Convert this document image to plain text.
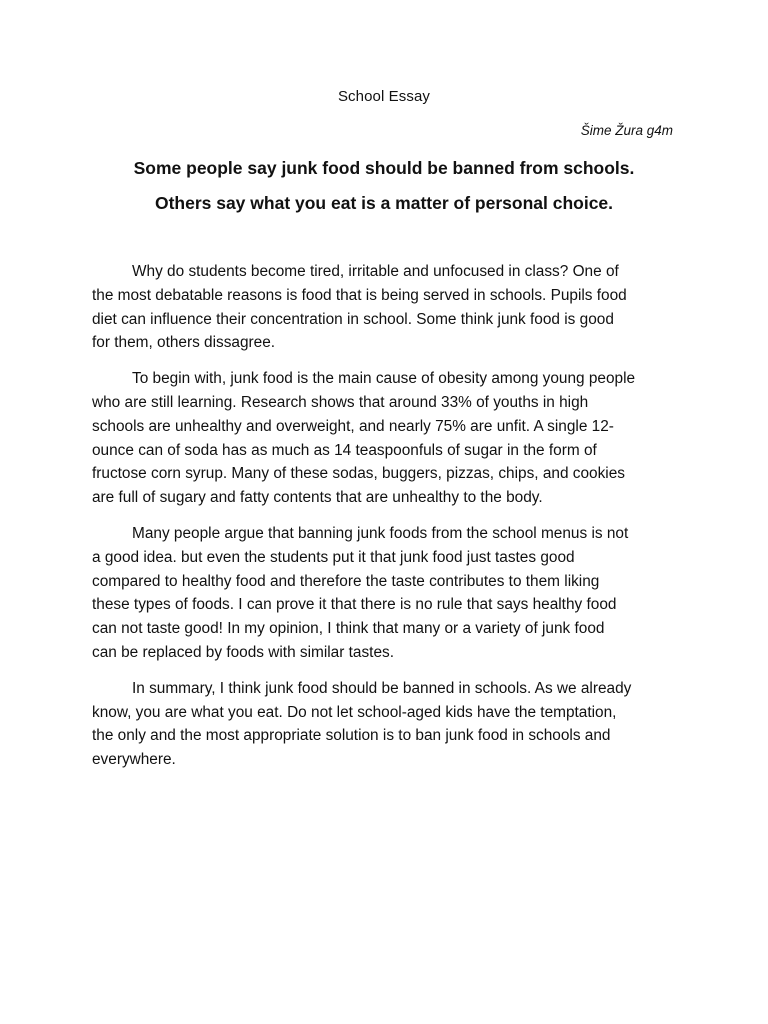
School Essay
Šime Žura g4m
Some people say junk food should be banned from schools.
Others say what you eat is a matter of personal choice.

Why do students become tired, irritable and unfocused in class? One of
the most debatable reasons is food that is being served in schools. Pupils food
diet can influence their concentration in school. Some think junk food is good
for them, others dissagree.

To begin with, junk food is the main cause of obesity among young people
who are still learning. Research shows that around 33% of youths in high
schools are unhealthy and overweight, and nearly 75% are unfit. A single 12-
ounce can of soda has as much as 14 teaspoonfuls of sugar in the form of
fructose corn syrup. Many of these sodas, buggers, pizzas, chips, and cookies
are full of sugary and fatty contents that are unhealthy to the body.

Many people argue that banning junk foods from the school menus is not
a good idea. but even the students put it that junk food just tastes good
compared to healthy food and therefore the taste contributes to them liking
these types of foods. I can prove it that there is no rule that says healthy food
can not taste good! In my opinion, I think that many or a variety of junk food
can be replaced by foods with similar tastes.

In summary, I think junk food should be banned in schools. As we already
know, you are what you eat. Do not let school-aged kids have the temptation,
the only and the most appropriate solution is to ban junk food in schools and
everywhere.
